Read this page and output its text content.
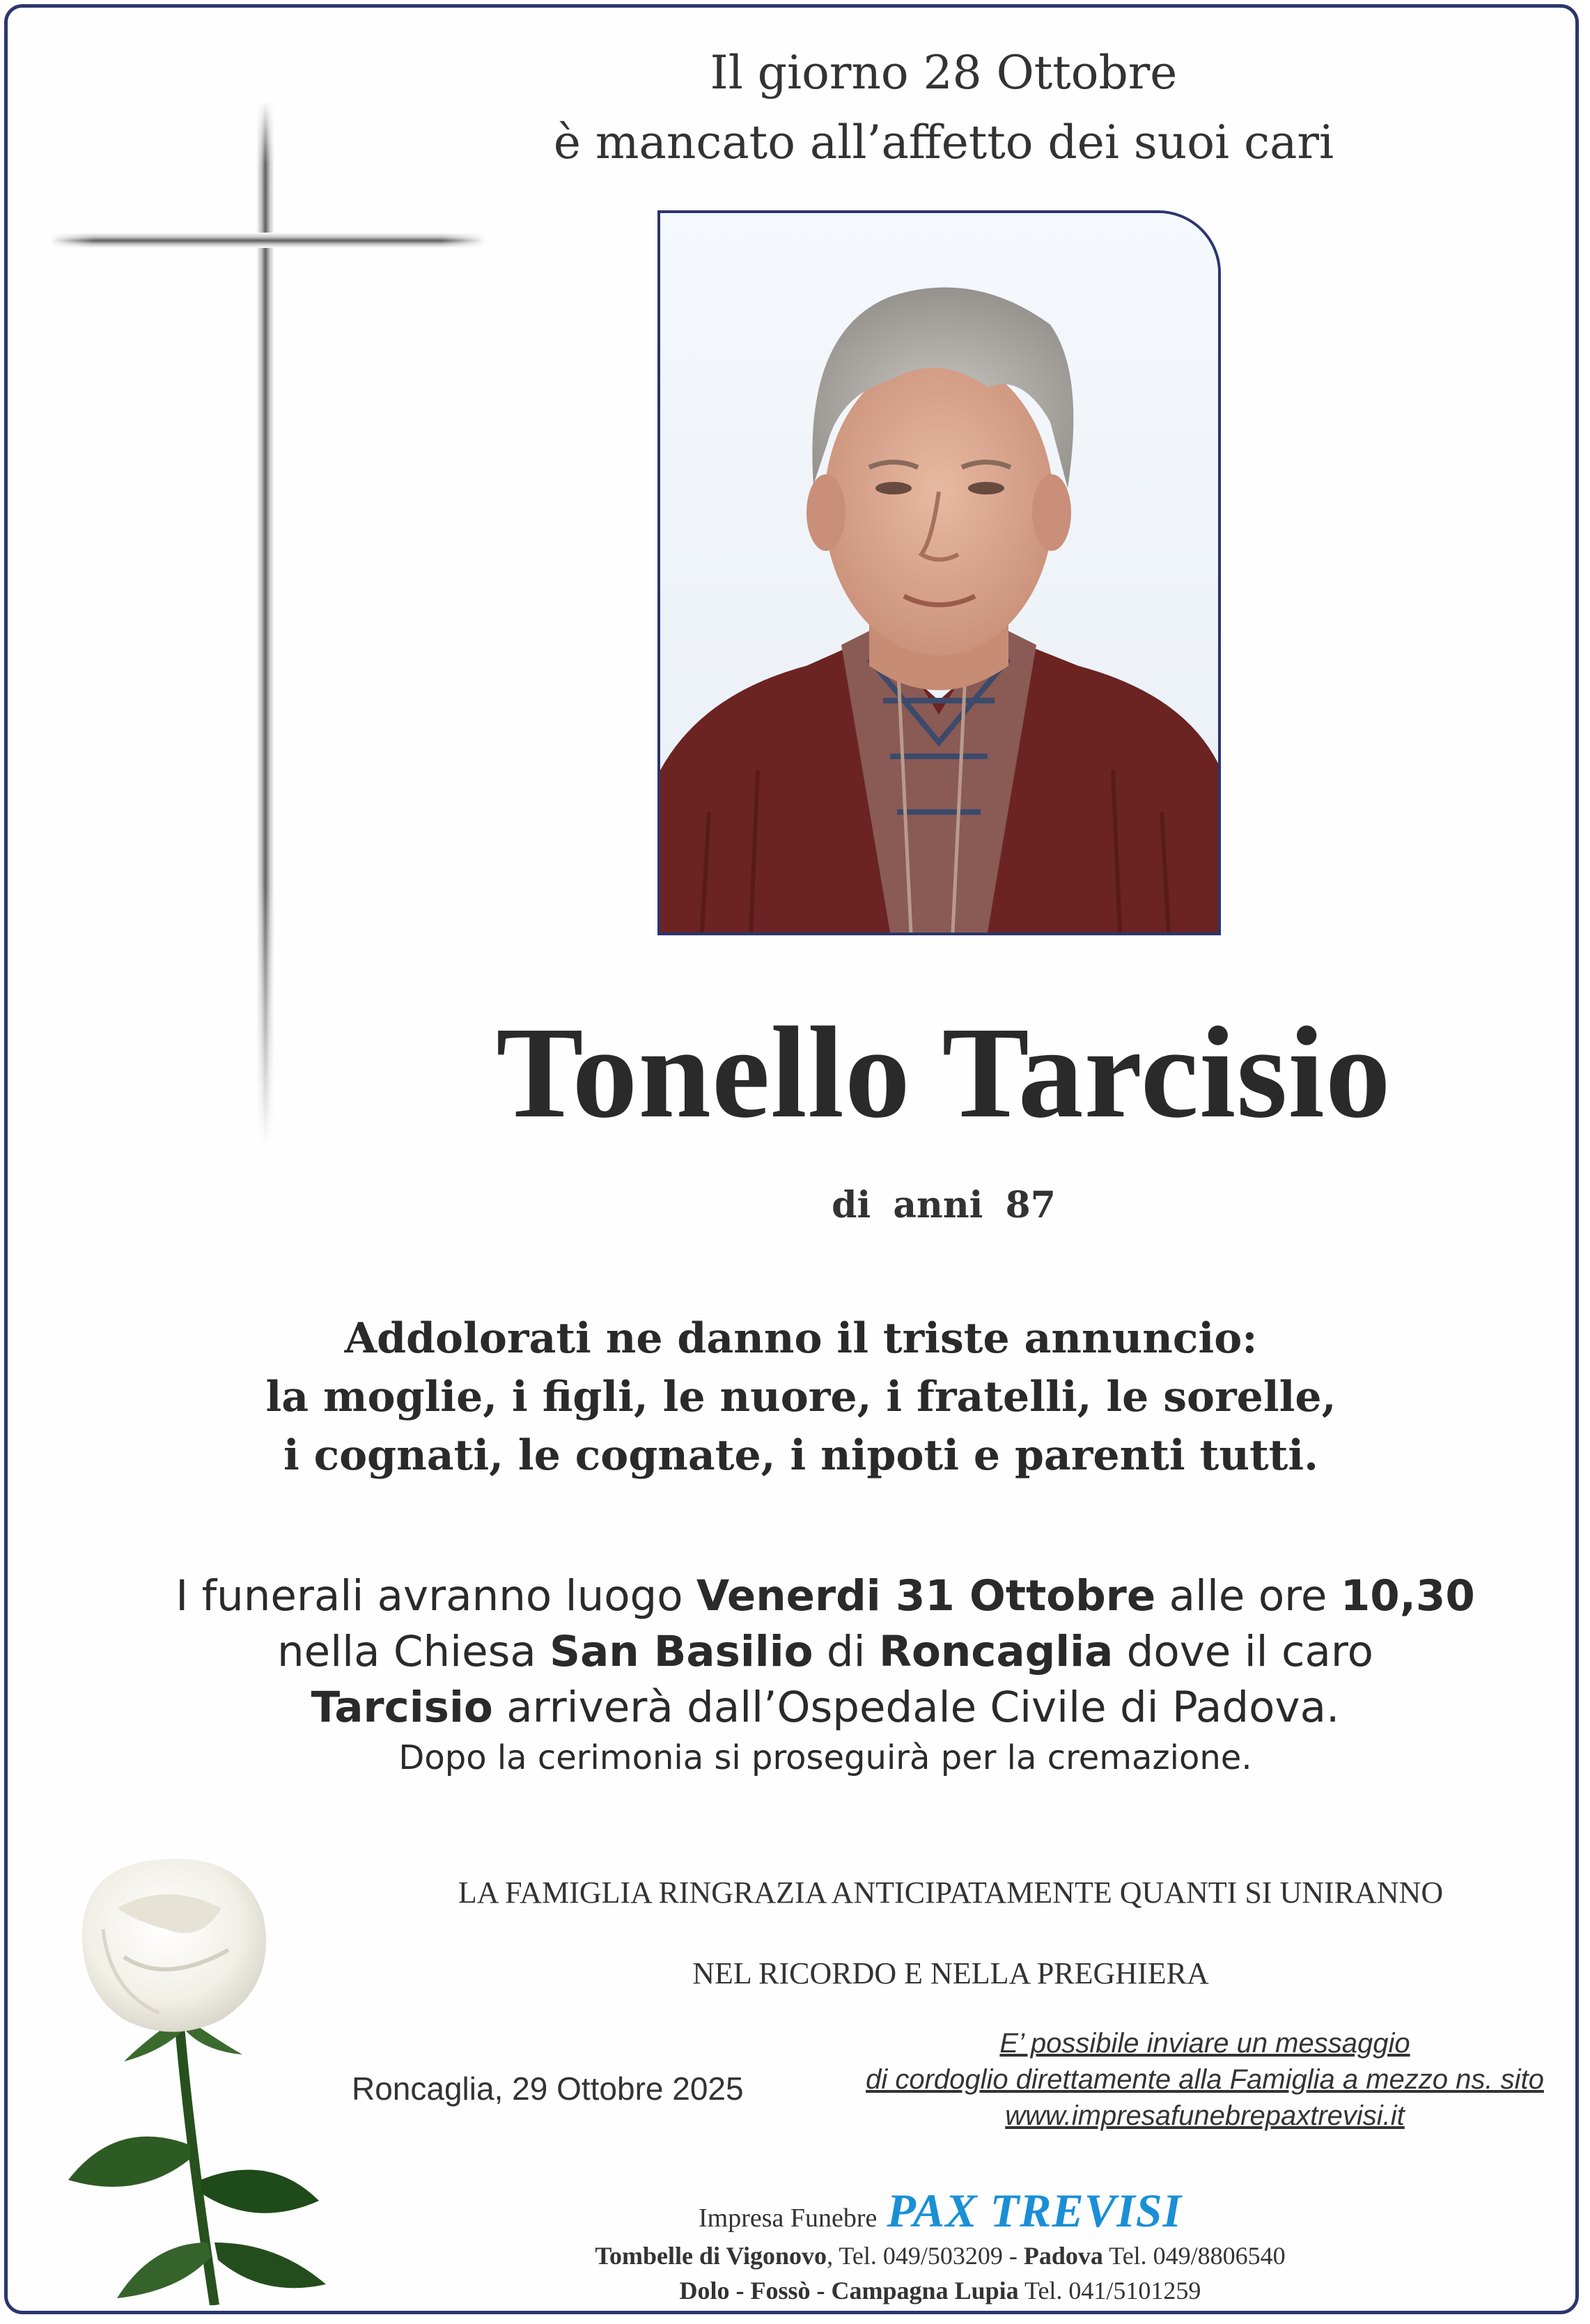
Il giorno 28 Ottobre
è mancato all’affetto dei suoi cari
Tonello Tarcisio
di anni 87
Addolorati ne danno il triste annuncio:
la moglie, i figli, le nuore, i fratelli, le sorelle,
i cognati, le cognate, i nipoti e parenti tutti.
I funerali avranno luogo Venerdi 31 Ottobre alle ore 10,30
nella Chiesa San Basilio di Roncaglia dove il caro
Tarcisio arriverà dall’Ospedale Civile di Padova.
Dopo la cerimonia si proseguirà per la cremazione.
LA FAMIGLIA RINGRAZIA ANTICIPATAMENTE QUANTI SI UNIRANNO
NEL RICORDO E NELLA PREGHIERA
Roncaglia, 29 Ottobre 2025
E’ possibile inviare un messaggio
di cordoglio direttamente alla Famiglia a mezzo ns. sito
www.impresafunebrepaxtrevisi.it
Impresa Funebre PAX TREVISI
Tombelle di Vigonovo, Tel. 049/503209 - Padova Tel. 049/8806540
Dolo - Fossò - Campagna Lupia Tel. 041/5101259
